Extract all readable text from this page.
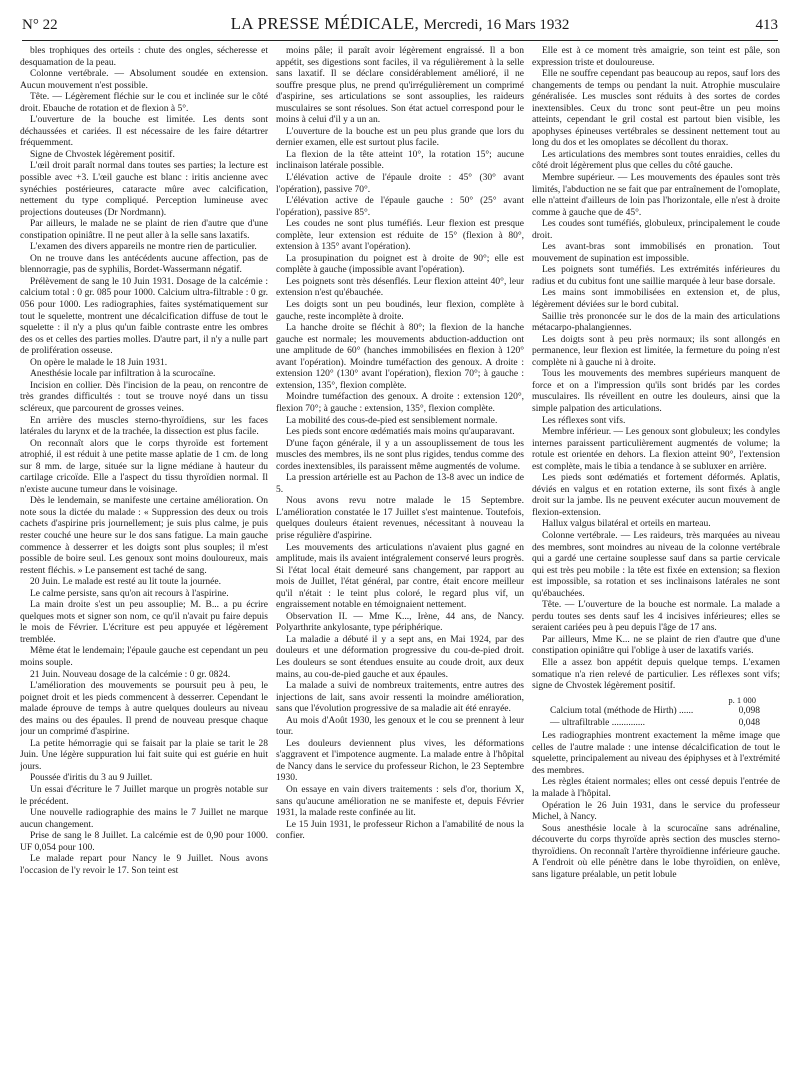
N° 22	LA PRESSE MÉDICALE, Mercredi, 16 Mars 1932	413

bles trophiques des orteils : chute des ongles, sécheresse et desquamation de la peau.

Colonne vertébrale. — Absolument soudée en extension. Aucun mouvement n'est possible.

Tête. — Légèrement fléchie sur le cou et inclinée sur le côté droit. Ebauche de rotation et de flexion à 5°.

L'ouverture de la bouche est limitée. Les dents sont déchaussées et cariées. Il est nécessaire de les faire détartrer fréquemment.

Signe de Chvostek légèrement positif.

L'œil droit paraît normal dans toutes ses parties; la lecture est possible avec +3. L'œil gauche est blanc : iritis ancienne avec synéchies postérieures, cataracte mûre avec calcification, nettement du type compliqué. Perception lumineuse avec projections douteuses (Dr Nordmann).

Par ailleurs, le malade ne se plaint de rien d'autre que d'une constipation opiniâtre. Il ne peut aller à la selle sans laxatifs.

L'examen des divers appareils ne montre rien de particulier.

On ne trouve dans les antécédents aucune affection, pas de blennorragie, pas de syphilis, Bordet-Wassermann négatif.

Prélèvement de sang le 10 Juin 1931. Dosage de la calcémie : calcium total : 0 gr. 085 pour 1000. Calcium ultra-filtrable : 0 gr. 056 pour 1000. Les radiographies, faites systématiquement sur tout le squelette, montrent une décalcification diffuse de tout le squelette : il n'y a plus qu'un faible contraste entre les ombres des os et celles des parties molles. D'autre part, il n'y a nulle part de prolifération osseuse.

On opère le malade le 18 Juin 1931.

Anesthésie locale par infiltration à la scurocaïne.

Incision en collier. Dès l'incision de la peau, on rencontre de très grandes difficultés : tout se trouve noyé dans un tissu scléreux, que parcourent de grosses veines.

En arrière des muscles sterno-thyroïdiens, sur les faces latérales du larynx et de la trachée, la dissection est plus facile.

On reconnaît alors que le corps thyroïde est fortement atrophié, il est réduit à une petite masse aplatie de 1 cm. de long sur 8 mm. de large, située sur la ligne médiane à hauteur du cartilage cricoïde. Elle a l'aspect du tissu thyroïdien normal. Il n'existe aucune tumeur dans le voisinage.

Dès le lendemain, se manifeste une certaine amélioration. On note sous la dictée du malade : « Suppression des deux ou trois cachets d'aspirine pris journellement; je suis plus calme, je puis rester couché une heure sur le dos sans fatigue. La main gauche commence à desserrer et les doigts sont plus souples; il m'est possible de boire seul. Les genoux sont moins douloureux, mais restent fléchis. » Le pansement est taché de sang.

20 Juin. Le malade est resté au lit toute la journée.

Le calme persiste, sans qu'on ait recours à l'aspirine.

La main droite s'est un peu assouplie; M. B... a pu écrire quelques mots et signer son nom, ce qu'il n'avait pu faire depuis le mois de Février. L'écriture est peu appuyée et légèrement tremblée.

Même état le lendemain; l'épaule gauche est cependant un peu moins souple.

21 Juin. Nouveau dosage de la calcémie : 0 gr. 0824.

L'amélioration des mouvements se poursuit peu à peu, le poignet droit et les pieds commencent à desserrer. Cependant le malade éprouve de temps à autre quelques douleurs au niveau des mains ou des épaules. Il prend de nouveau presque chaque jour un comprimé d'aspirine.

La petite hémorragie qui se faisait par la plaie se tarit le 28 Juin. Une légère suppuration lui fait suite qui est guérie en huit jours.

Poussée d'iritis du 3 au 9 Juillet.

Un essai d'écriture le 7 Juillet marque un progrès notable sur le précédent.

Une nouvelle radiographie des mains le 7 Juillet ne marque aucun changement.

Prise de sang le 8 Juillet. La calcémie est de 0,90 pour 1000. UF 0,054 pour 100.

Le malade repart pour Nancy le 9 Juillet. Nous avons l'occasion de l'y revoir le 17. Son teint est

moins pâle; il paraît avoir légèrement engraissé. Il a bon appétit, ses digestions sont faciles, il va régulièrement à la selle sans laxatif. Il se déclare considérablement amélioré, il ne souffre presque plus, ne prend qu'irrégulièrement un comprimé d'aspirine, ses articulations se sont assouplies, les raideurs musculaires se sont résolues. Son état actuel correspond pour le moins à celui d'il y a un an.

L'ouverture de la bouche est un peu plus grande que lors du dernier examen, elle est surtout plus facile.

La flexion de la tête atteint 10°, la rotation 15°; aucune inclinaison latérale possible.

L'élévation active de l'épaule droite : 45° (30° avant l'opération), passive 70°.

L'élévation active de l'épaule gauche : 50° (25° avant l'opération), passive 85°.

Les coudes ne sont plus tuméfiés. Leur flexion est presque complète, leur extension est réduite de 15° (flexion à 80°, extension à 135° avant l'opération).

La prosupination du poignet est à droite de 90°; elle est complète à gauche (impossible avant l'opération).

Les poignets sont très désenflés. Leur flexion atteint 40°, leur extension n'est qu'ébauchée.

Les doigts sont un peu boudinés, leur flexion, complète à gauche, reste incomplète à droite.

La hanche droite se fléchit à 80°; la flexion de la hanche gauche est normale; les mouvements abduction-adduction ont une amplitude de 60° (hanches immobilisées en flexion à 120° avant l'opération). Moindre tuméfaction des genoux. A droite : extension 120° (130° avant l'opération), flexion 70°; à gauche : extension, 135°, flexion complète.

Moindre tuméfaction des genoux. A droite : extension 120°, flexion 70°; à gauche : extension, 135°, flexion complète.

La mobilité des cous-de-pied est sensiblement normale.

Les pieds sont encore œdématiés mais moins qu'auparavant.

D'une façon générale, il y a un assouplissement de tous les muscles des membres, ils ne sont plus rigides, tendus comme des cordes inextensibles, ils paraissent même augmentés de volume.

La pression artérielle est au Pachon de 13-8 avec un indice de 5.

Nous avons revu notre malade le 15 Septembre. L'amélioration constatée le 17 Juillet s'est maintenue. Toutefois, quelques douleurs étaient revenues, nécessitant à nouveau la prise régulière d'aspirine.

Les mouvements des articulations n'avaient plus gagné en amplitude, mais ils avaient intégralement conservé leurs progrès. Si l'état local était demeuré sans changement, par rapport au mois de Juillet, l'état général, par contre, était encore meilleur qu'il n'était : le teint plus coloré, le regard plus vif, un engraissement notable en témoignaient nettement.

Observation II. — Mme K..., Irène, 44 ans, de Nancy. Polyarthrite ankylosante, type périphérique.

La maladie a débuté il y a sept ans, en Mai 1924, par des douleurs et une déformation progressive du cou-de-pied droit. Les douleurs se sont étendues ensuite au coude droit, aux deux mains, au cou-de-pied gauche et aux épaules.

La malade a suivi de nombreux traitements, entre autres des injections de lait, sans avoir ressenti la moindre amélioration, sans que l'évolution progressive de sa maladie ait été enrayée.

Au mois d'Août 1930, les genoux et le cou se prennent à leur tour.

Les douleurs deviennent plus vives, les déformations s'aggravent et l'impotence augmente. La malade entre à l'hôpital de Nancy dans le service du professeur Richon, le 23 Septembre 1930.

On essaye en vain divers traitements : sels d'or, thorium X, sans qu'aucune amélioration ne se manifeste et, depuis Février 1931, la malade reste confinée au lit.

Le 15 Juin 1931, le professeur Richon a l'amabilité de nous la confier.

Elle est à ce moment très amaigrie, son teint est pâle, son expression triste et douloureuse.

Elle ne souffre cependant pas beaucoup au repos, sauf lors des changements de temps ou pendant la nuit. Atrophie musculaire généralisée. Les muscles sont réduits à des sortes de cordes inextensibles. Ceux du tronc sont peut-être un peu moins atteints, cependant le gril costal est partout bien visible, les apophyses épineuses vertébrales se dessinent nettement tout au long du dos et les omoplates se décollent du thorax.

Les articulations des membres sont toutes enraidies, celles du côté droit légèrement plus que celles du côté gauche.

Membre supérieur. — Les mouvements des épaules sont très limités, l'abduction ne se fait que par entraînement de l'omoplate, elle n'atteint d'ailleurs de loin pas l'horizontale, elle n'est à droite comme à gauche que de 45°.

Les coudes sont tuméfiés, globuleux, principalement le coude droit.

Les avant-bras sont immobilisés en pronation. Tout mouvement de supination est impossible.

Les poignets sont tuméfiés. Les extrémités inférieures du radius et du cubitus font une saillie marquée à leur base dorsale.

Les mains sont immobilisées en extension et, de plus, légèrement déviées sur le bord cubital.

Saillie très prononcée sur le dos de la main des articulations métacarpo-phalangiennes.

Les doigts sont à peu près normaux; ils sont allongés en permanence, leur flexion est limitée, la fermeture du poing n'est complète ni à gauche ni à droite.

Tous les mouvements des membres supérieurs manquent de force et on a l'impression qu'ils sont bridés par les cordes musculaires. Ils réveillent en outre les douleurs, ainsi que la simple palpation des articulations.

Les réflexes sont vifs.

Membre inférieur. — Les genoux sont globuleux; les condyles internes paraissent particulièrement augmentés de volume; la rotule est orientée en dehors. La flexion atteint 90°, l'extension est complète, mais le tibia a tendance à se subluxer en arrière.

Les pieds sont œdématiés et fortement déformés. Aplatis, déviés en valgus et en rotation externe, ils sont fixés à angle droit sur la jambe. Ils ne peuvent exécuter aucun mouvement de flexion-extension.

Hallux valgus bilatéral et orteils en marteau.

Colonne vertébrale. — Les raideurs, très marquées au niveau des membres, sont moindres au niveau de la colonne vertébrale qui a gardé une certaine souplesse sauf dans sa partie cervicale qui est très peu mobile : la tête est fixée en extension; sa flexion est impossible, sa rotation et ses inclinaisons latérales ne sont qu'ébauchées.

Tête. — L'ouverture de la bouche est normale. La malade a perdu toutes ses dents sauf les 4 incisives inférieures; elles se seraient cariées peu à peu depuis l'âge de 17 ans.

Par ailleurs, Mme K... ne se plaint de rien d'autre que d'une constipation opiniâtre qui l'oblige à user de laxatifs variés.

Elle a assez bon appétit depuis quelque temps. L'examen somatique n'a rien relevé de particulier. Les réflexes sont vifs; signe de Chvostek légèrement positif.

p. 1 000
Calcium total (méthode de Hirth) ......	0,098
— ultrafiltrable ..............	0,048

Les radiographies montrent exactement la même image que celles de l'autre malade : une intense décalcification de tout le squelette, principalement au niveau des épiphyses et à l'extrémité des membres.

Les règles étaient normales; elles ont cessé depuis l'entrée de la malade à l'hôpital.

Opération le 26 Juin 1931, dans le service du professeur Michel, à Nancy.

Sous anesthésie locale à la scurocaïne sans adrénaline, découverte du corps thyroïde après section des muscles sterno-thyroïdiens. On reconnaît l'artère thyroïdienne inférieure gauche. A l'endroit où elle pénètre dans le lobe thyroïdien, on enlève, sans ligature préalable, un petit lobule
